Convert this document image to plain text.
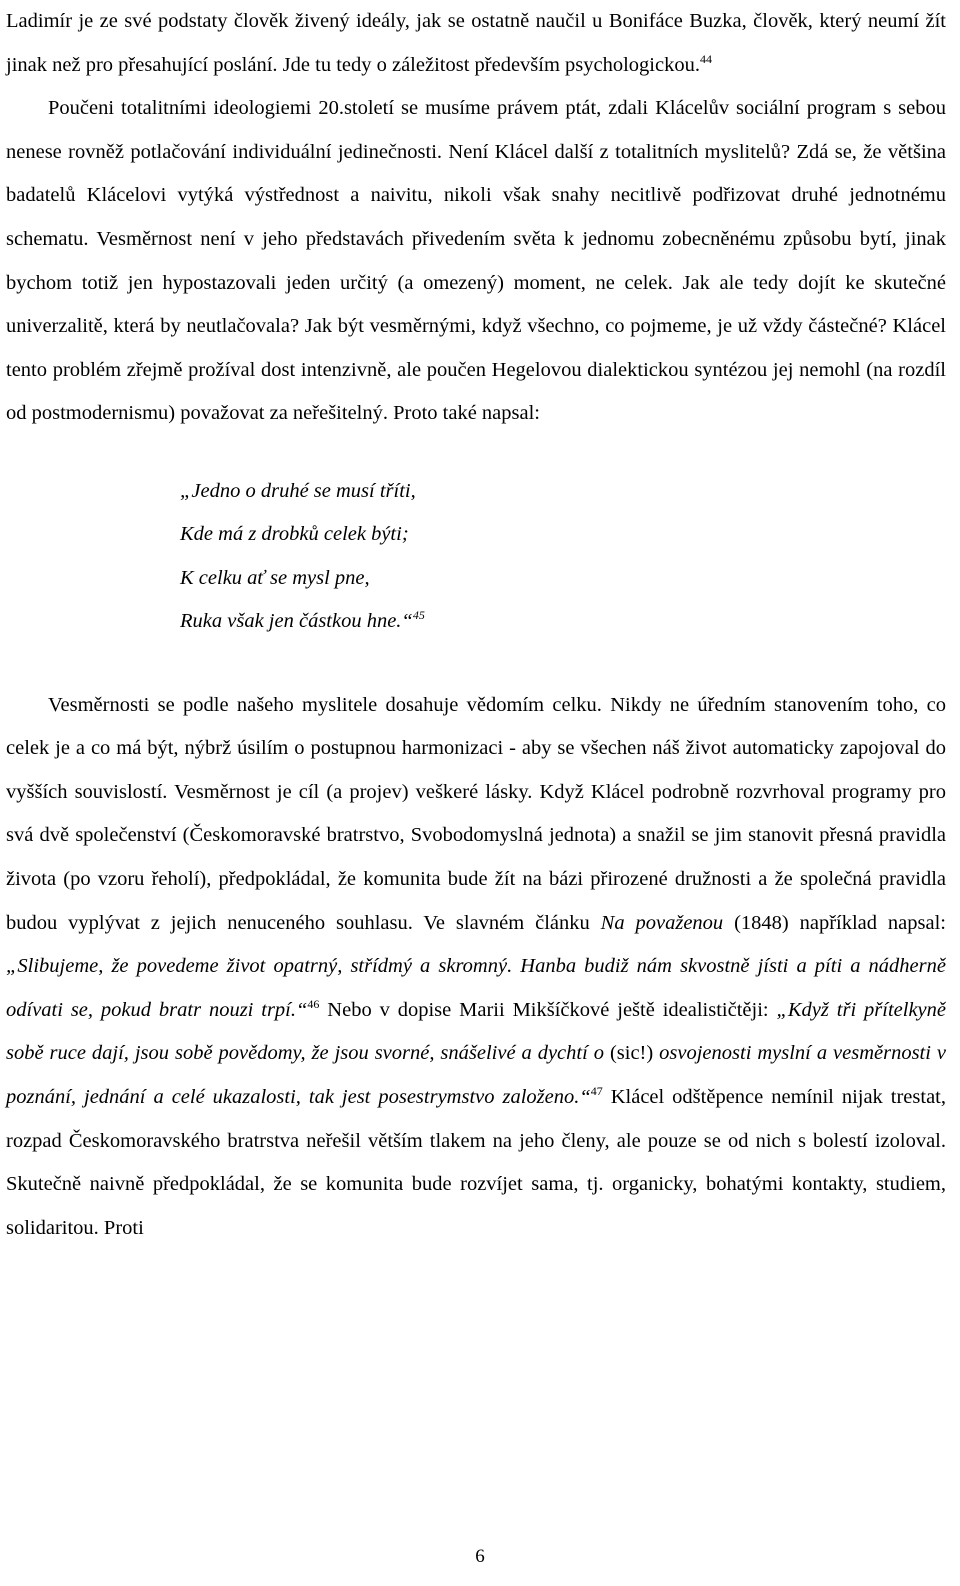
Ladimír je ze své podstaty člověk živený ideály, jak se ostatně naučil u Bonifáce Buzka, člověk, který neumí žít jinak než pro přesahující poslání. Jde tu tedy o záležitost především psychologickou.$^{44}$

Poučeni totalitními ideologiemi 20.století se musíme právem ptát, zdali Klácelův sociální program s sebou nenese rovněž potlačování individuální jedinečnosti. Není Klácel další z totalitních myslitelů? Zdá se, že většina badatelů Klácelovi vytýká výstřednost a naivitu, nikoli však snahy necitlivě podřizovat druhé jednotnému schematu. Vesměrnost není v jeho představách přivedením světa k jednomu zobecněnému způsobu bytí, jinak bychom totiž jen hypostazovali jeden určitý (a omezený) moment, ne celek. Jak ale tedy dojít ke skutečné univerzalitě, která by neutlačovala? Jak být vesměrnými, když všechno, co pojmeme, je už vždy částečné? Klácel tento problém zřejmě prožíval dost intenzivně, ale poučen Hegelovou dialektickou syntézou jej nemohl (na rozdíl od postmodernismu) považovat za neřešitelný. Proto také napsal:

„Jedno o druhé se musí tříti,
Kde má z drobků celek býti;
K celku ať se mysl pne,
Ruka však jen částkou hne.“$^{45}$

Vesměrnosti se podle našeho myslitele dosahuje vědomím celku. Nikdy ne úředním stanovením toho, co celek je a co má být, nýbrž úsilím o postupnou harmonizaci - aby se všechen náš život automaticky zapojoval do vyšších souvislostí. Vesměrnost je cíl (a projev) veškeré lásky. Když Klácel podrobně rozvrhoval programy pro svá dvě společenství (Českomoravské bratrstvo, Svobodomyslná jednota) a snažil se jim stanovit přesná pravidla života (po vzoru řeholí), předpokládal, že komunita bude žít na bázi přirozené družnosti a že společná pravidla budou vyplývat z jejich nenuceného souhlasu. Ve slavném článku Na považenou (1848) například napsal: „Slibujeme, že povedeme život opatrný, střídmý a skromný. Hanba budiž nám skvostně jísti a píti a nádherně odívati se, pokud bratr nouzi trpí.“$^{46}$ Nebo v dopise Marii Mikšíčkové ještě idealističtěji: „Když tři přítelkyně sobě ruce dají, jsou sobě povědomy, že jsou svorné, snášelivé a dychtí o (sic!) osvojenosti myslní a vesměrnosti v poznání, jednání a celé ukazalosti, tak jest posestrymstvo založeno.“$^{47}$ Klácel odštěpence nemínil nijak trestat, rozpad Českomoravského bratrstva neřešil větším tlakem na jeho členy, ale pouze se od nich s bolestí izoloval. Skutečně naivně předpokládal, že se komunita bude rozvíjet sama, tj. organicky, bohatými kontakty, studiem, solidaritou. Proti

6
